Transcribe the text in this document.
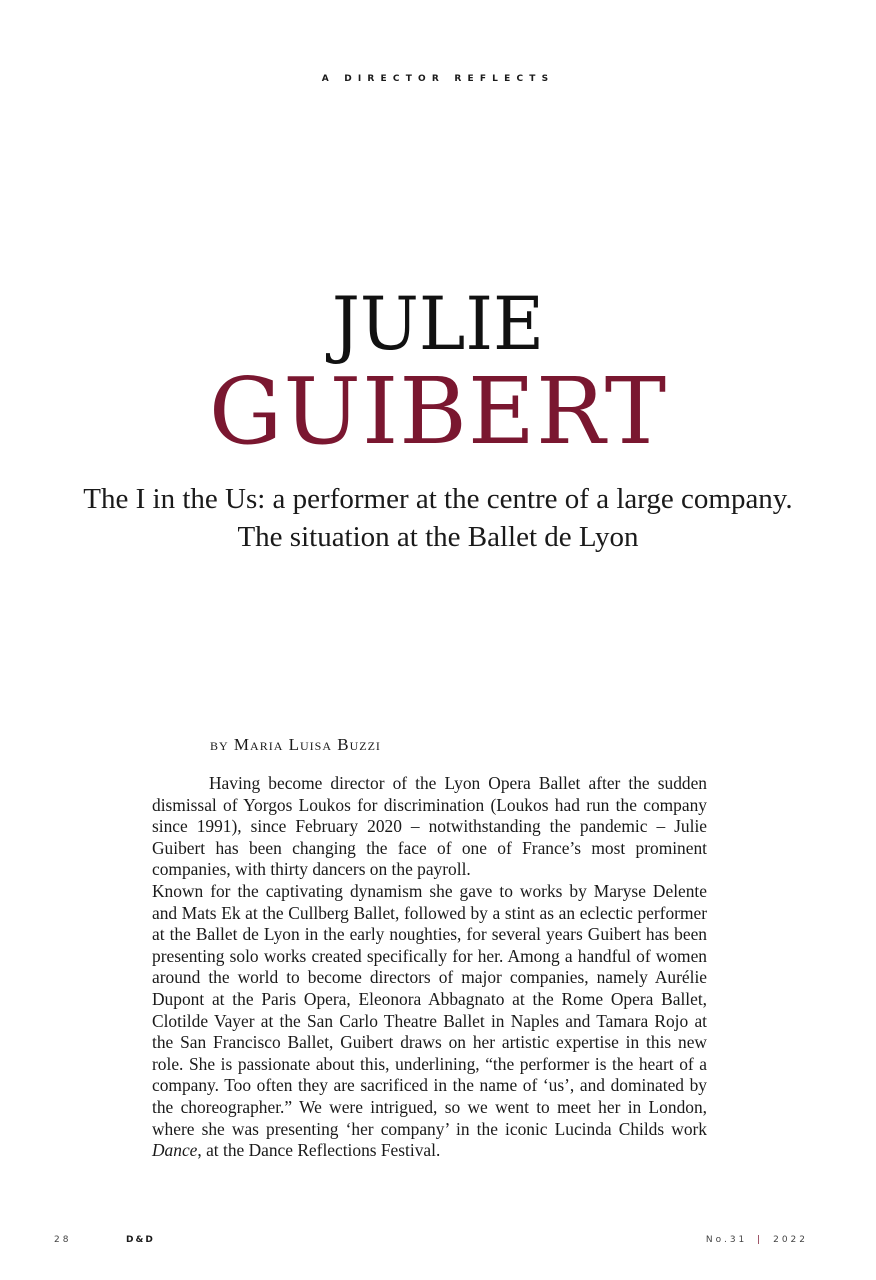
A DIRECTOR REFLECTS
JULIE
GUIBERT
The I in the Us: a performer at the centre of a large company.
The situation at the Ballet de Lyon
by Maria Luisa Buzzi

Having become director of the Lyon Opera Ballet after the sudden dismissal of Yorgos Loukos for discrimination (Loukos had run the company since 1991), since February 2020 – notwithstanding the pandemic – Julie Guibert has been changing the face of one of France’s most prominent companies, with thirty dancers on the payroll.

Known for the captivating dynamism she gave to works by Maryse Delente and Mats Ek at the Cullberg Ballet, followed by a stint as an eclectic performer at the Ballet de Lyon in the early noughties, for several years Guibert has been presenting solo works created specifically for her. Among a handful of women around the world to become directors of major companies, namely Aurélie Dupont at the Paris Opera, Eleonora Abbagnato at the Rome Opera Ballet, Clotilde Vayer at the San Carlo Theatre Ballet in Naples and Tamara Rojo at the San Francisco Ballet, Guibert draws on her artistic expertise in this new role. She is passionate about this, underlining, “the performer is the heart of a company. Too often they are sacrificed in the name of ‘us’, and dominated by the choreographer.” We were intrigued, so we went to meet her in London, where she was presenting ‘her company’ in the iconic Lucinda Childs work Dance, at the Dance Reflections Festival.

28	D&D	No.31 | 2022
